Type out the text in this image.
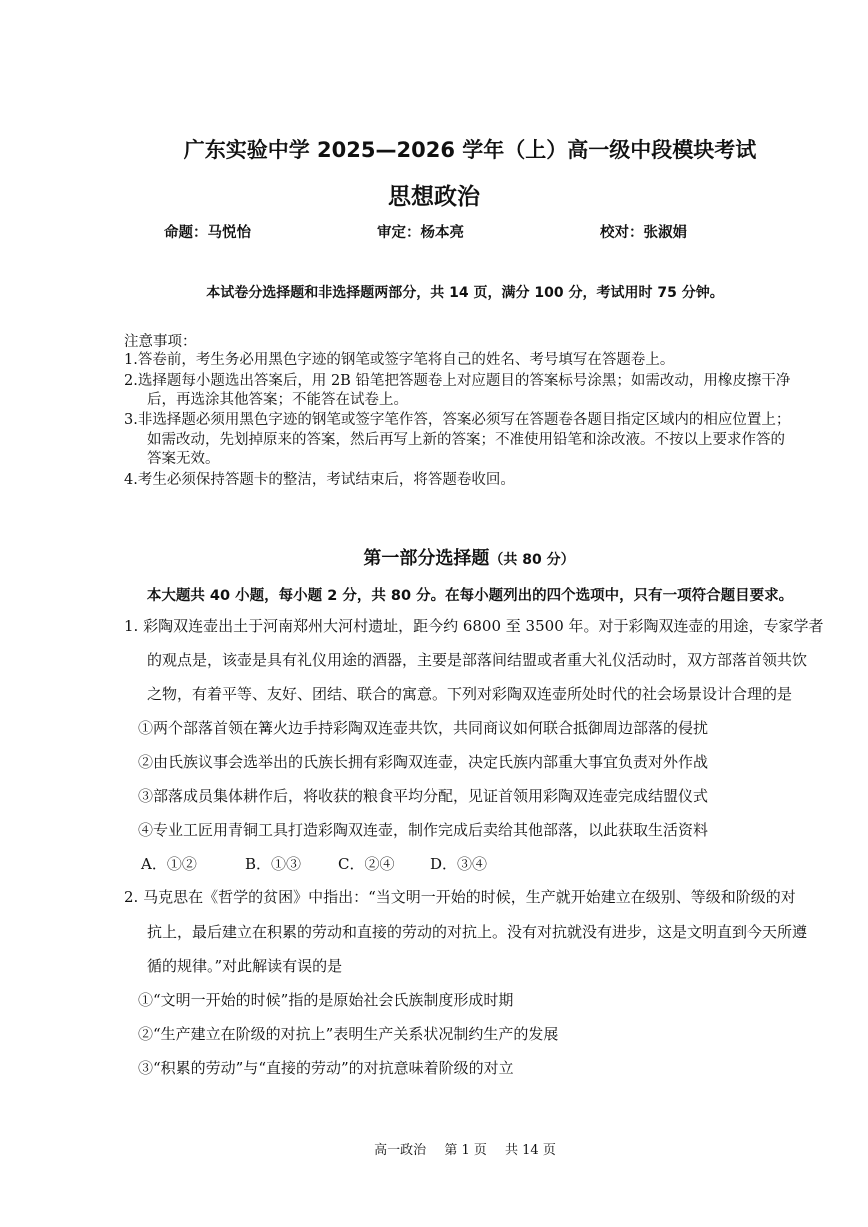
广东实验中学 2025—2026 学年（上）高一级中段模块考试
思想政治
命题：马悦怡	审定：杨本亮	校对：张淑娟
本试卷分选择题和非选择题两部分，共 14 页，满分 100 分，考试用时 75 分钟。
注意事项：
1.答卷前，考生务必用黑色字迹的钢笔或签字笔将自己的姓名、考号填写在答题卷上。
2.选择题每小题选出答案后，用 2B 铅笔把答题卷上对应题目的答案标号涂黑；如需改动，用橡皮擦干净
后，再选涂其他答案；不能答在试卷上。
3.非选择题必须用黑色字迹的钢笔或签字笔作答，答案必须写在答题卷各题目指定区域内的相应位置上；
如需改动，先划掉原来的答案，然后再写上新的答案；不准使用铅笔和涂改液。不按以上要求作答的
答案无效。
4.考生必须保持答题卡的整洁，考试结束后，将答题卷收回。
第一部分选择题（共 80 分）
本大题共 40 小题，每小题 2 分，共 80 分。在每小题列出的四个选项中，只有一项符合题目要求。
1. 彩陶双连壶出土于河南郑州大河村遗址，距今约 6800 至 3500 年。对于彩陶双连壶的用途，专家学者
的观点是，该壶是具有礼仪用途的酒器，主要是部落间结盟或者重大礼仪活动时，双方部落首领共饮
之物，有着平等、友好、团结、联合的寓意。下列对彩陶双连壶所处时代的社会场景设计合理的是
①两个部落首领在篝火边手持彩陶双连壶共饮，共同商议如何联合抵御周边部落的侵扰
②由氏族议事会选举出的氏族长拥有彩陶双连壶，决定氏族内部重大事宜负责对外作战
③部落成员集体耕作后，将收获的粮食平均分配，见证首领用彩陶双连壶完成结盟仪式
④专业工匠用青铜工具打造彩陶双连壶，制作完成后卖给其他部落，以此获取生活资料
A．①②	B．①③ C．②④ D．③④
2. 马克思在《哲学的贫困》中指出：“当文明一开始的时候，生产就开始建立在级别、等级和阶级的对
抗上，最后建立在积累的劳动和直接的劳动的对抗上。没有对抗就没有进步，这是文明直到今天所遵
循的规律。”对此解读有误的是
①“文明一开始的时候”指的是原始社会氏族制度形成时期
②“生产建立在阶级的对抗上”表明生产关系状况制约生产的发展
③“积累的劳动”与“直接的劳动”的对抗意味着阶级的对立
高一政治 第 1 页 共 14 页
